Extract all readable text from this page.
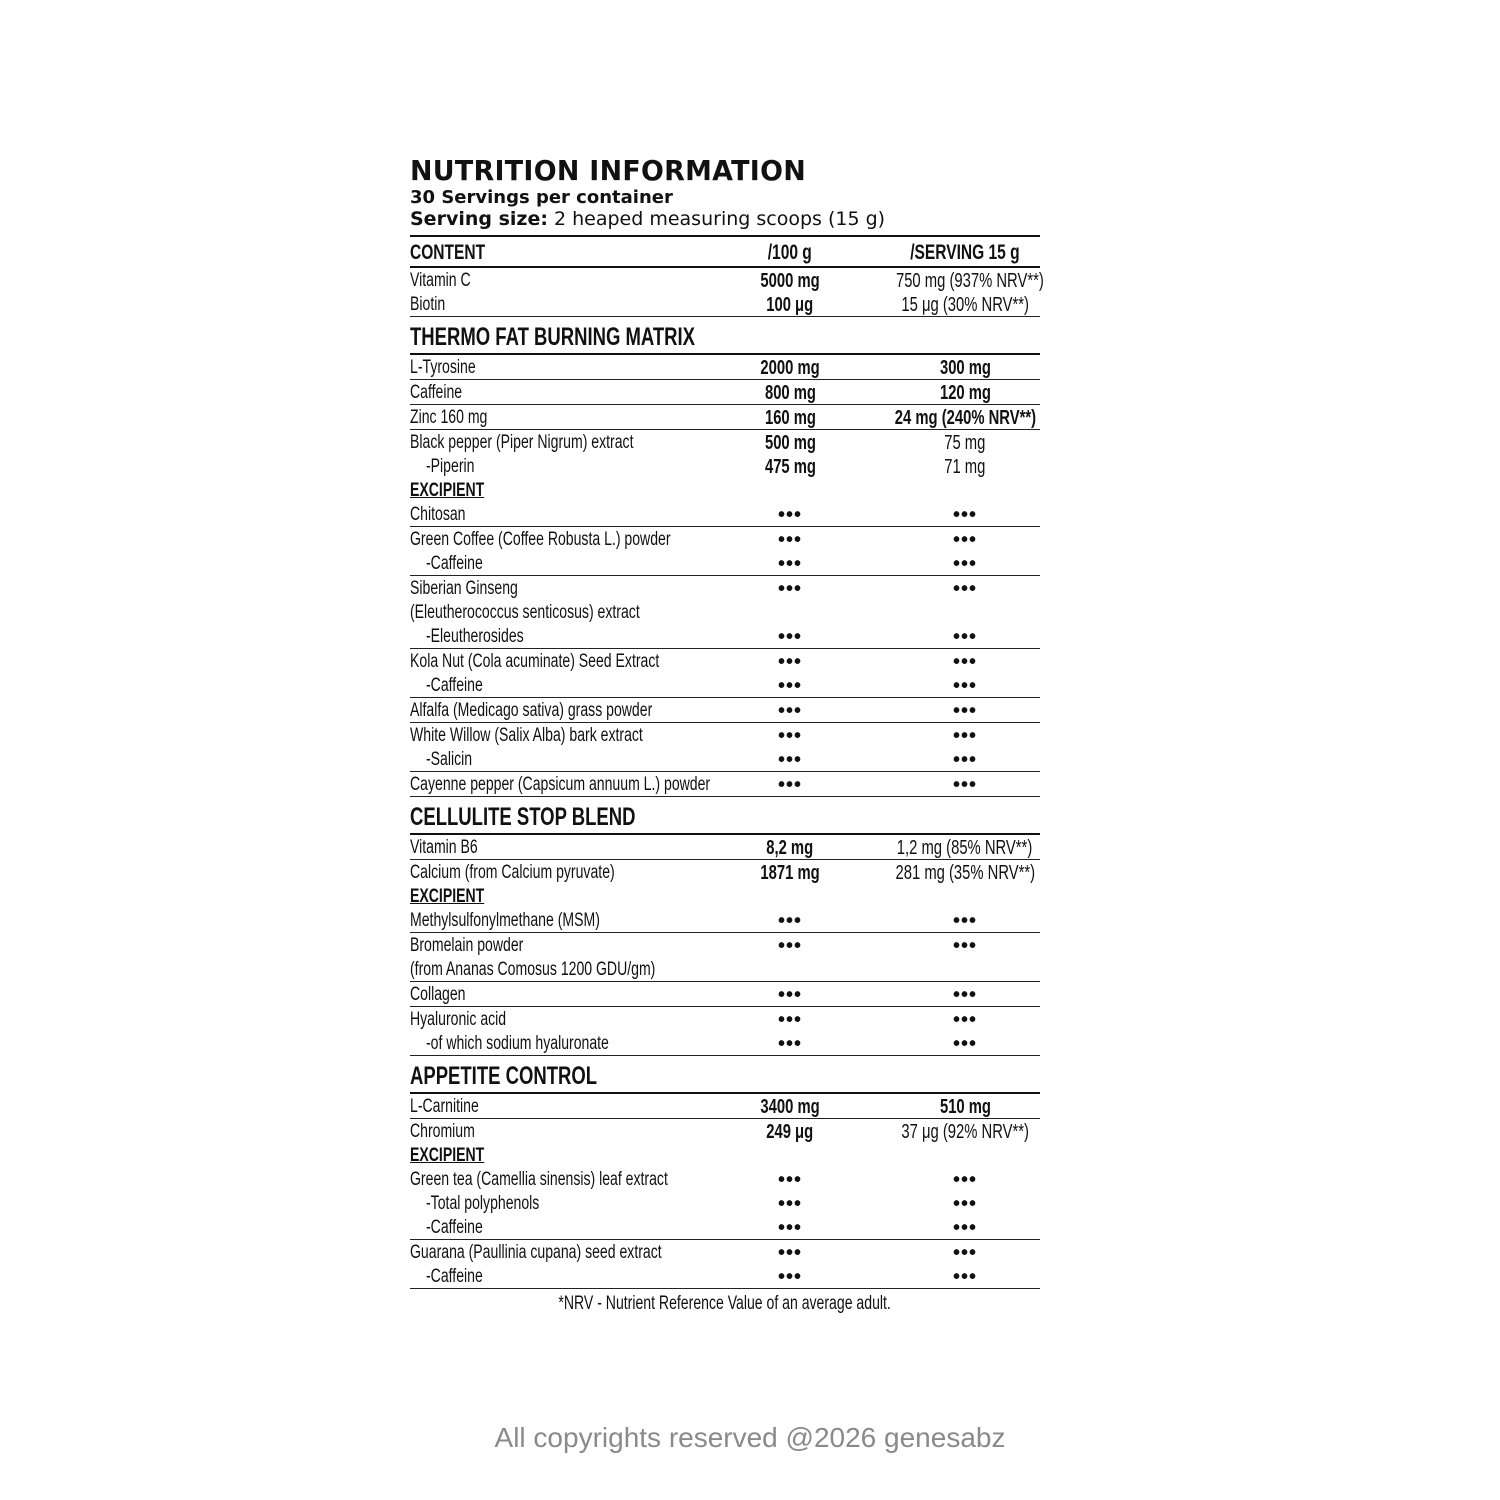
NUTRITION INFORMATION
30 Servings per container
Serving size: 2 heaped measuring scoops (15 g)
CONTENT	/100 g	/SERVING 15 g
Vitamin C	5000 mg	750 mg (937% NRV**)
Biotin	100 μg	15 μg (30% NRV**)
THERMO FAT BURNING MATRIX
L-Tyrosine	2000 mg	300 mg
Caffeine	800 mg	120 mg
Zinc 160 mg	160 mg	24 mg (240% NRV**)
Black pepper (Piper Nigrum) extract	500 mg	75 mg
-Piperin	475 mg	71 mg
EXCIPIENT
Chitosan	•••	•••
Green Coffee (Coffee Robusta L.) powder	•••	•••
-Caffeine	•••	•••
Siberian Ginseng	•••	•••
(Eleutherococcus senticosus) extract
-Eleutherosides	•••	•••
Kola Nut (Cola acuminate) Seed Extract	•••	•••
-Caffeine	•••	•••
Alfalfa (Medicago sativa) grass powder	•••	•••
White Willow (Salix Alba) bark extract	•••	•••
-Salicin	•••	•••
Cayenne pepper (Capsicum annuum L.) powder	•••	•••
CELLULITE STOP BLEND
Vitamin B6	8,2 mg	1,2 mg (85% NRV**)
Calcium (from Calcium pyruvate)	1871 mg	281 mg (35% NRV**)
EXCIPIENT
Methylsulfonylmethane (MSM)	•••	•••
Bromelain powder	•••	•••
(from Ananas Comosus 1200 GDU/gm)
Collagen	•••	•••
Hyaluronic acid	•••	•••
-of which sodium hyaluronate	•••	•••
APPETITE CONTROL
L-Carnitine	3400 mg	510 mg
Chromium	249 μg	37 μg (92% NRV**)
EXCIPIENT
Green tea (Camellia sinensis) leaf extract	•••	•••
-Total polyphenols	•••	•••
-Caffeine	•••	•••
Guarana (Paullinia cupana) seed extract	•••	•••
-Caffeine	•••	•••
*NRV - Nutrient Reference Value of an average adult.
All copyrights reserved @2026 genesabz
